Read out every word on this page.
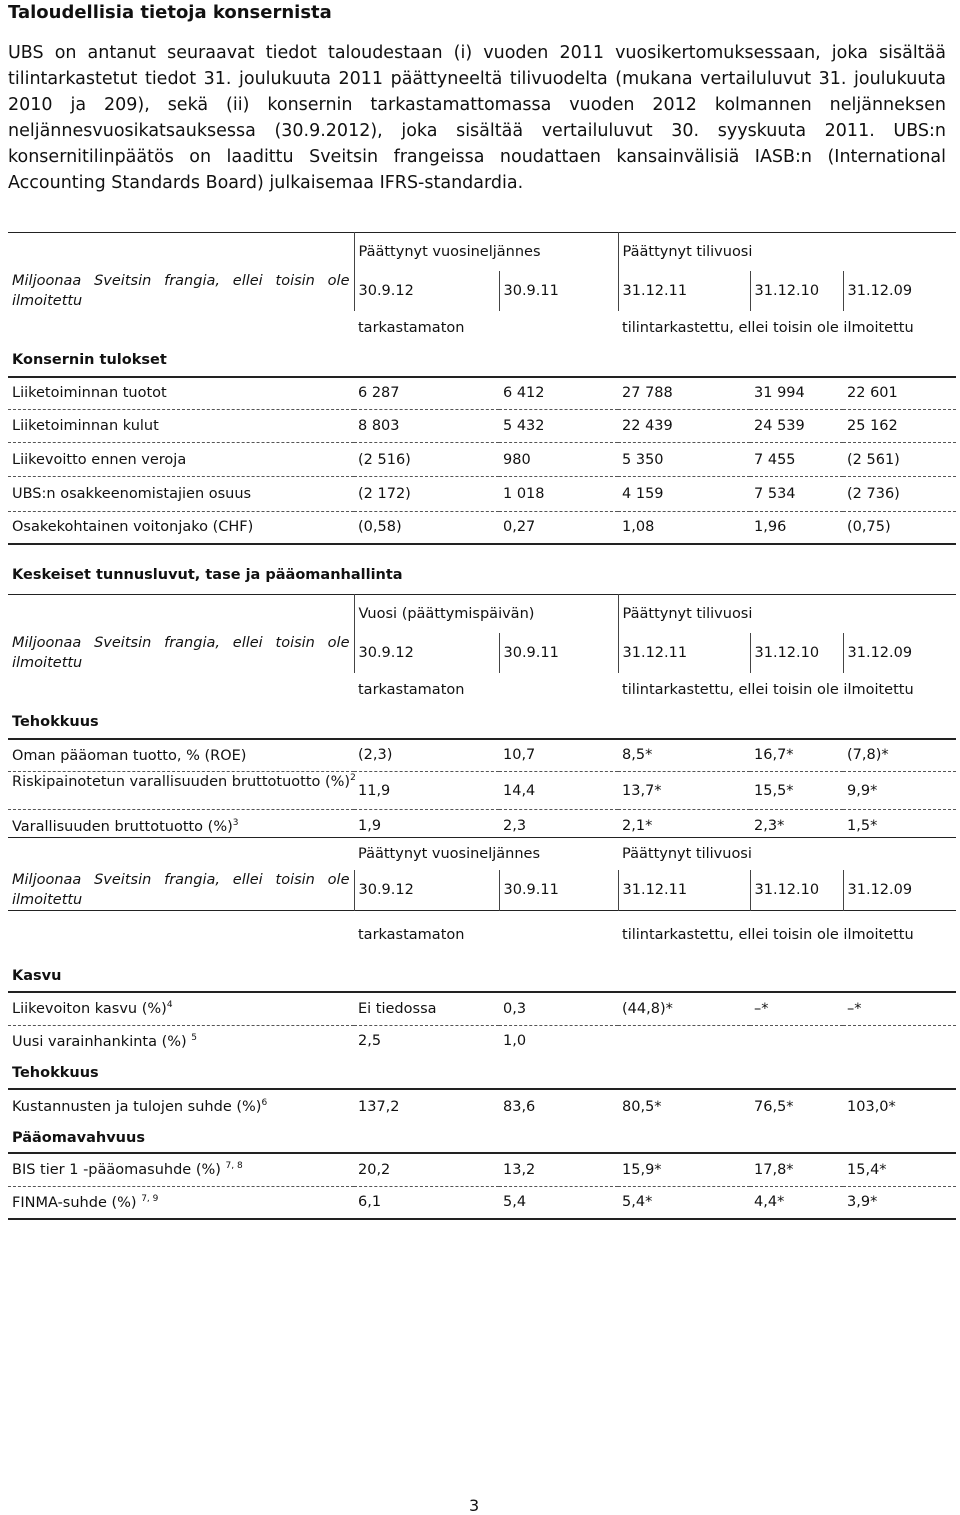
Taloudellisia tietoja konsernista
UBS on antanut seuraavat tiedot taloudestaan (i) vuoden 2011 vuosikertomuksessaan, joka sisältää tilintarkastetut tiedot 31. joulukuuta 2011 päättyneeltä tilivuodelta (mukana vertailuluvut 31. joulukuuta 2010 ja 209), sekä (ii) konsernin tarkastamattomassa vuoden 2012 kolmannen neljänneksen neljännesvuosikatsauksessa (30.9.2012), joka sisältää vertailuluvut 30. syyskuuta 2011. UBS:n konsernitilinpäätös on laadittu Sveitsin frangeissa noudattaen kansainvälisiä IASB:n (International Accounting Standards Board) julkaisemaa IFRS-standardia.
	Päättynyt vuosineljännes		Päättynyt tilivuosi		
Miljoonaa Sveitsin frangia, ellei toisin ole ilmoitettu	30.9.12	30.9.11	31.12.11	31.12.10	31.12.09
	tarkastamaton		tilintarkastettu, ellei toisin ole ilmoitettu		
Konsernin tulokset					
Liiketoiminnan tuotot	6 287	6 412	27 788	31 994	22 601
Liiketoiminnan kulut	8 803	5 432	22 439	24 539	25 162
Liikevoitto ennen veroja	(2 516)	980	5 350	7 455	(2 561)
UBS:n osakkeenomistajien osuus	(2 172)	1 018	4 159	7 534	(2 736)
Osakekohtainen voitonjako (CHF)	(0,58)	0,27	1,08	1,96	(0,75)
Keskeiset tunnusluvut, tase ja pääomanhallinta
	Vuosi (päättymispäivän)		Päättynyt tilivuosi		
Miljoonaa Sveitsin frangia, ellei toisin ole ilmoitettu	30.9.12	30.9.11	31.12.11	31.12.10	31.12.09
	tarkastamaton		tilintarkastettu, ellei toisin ole ilmoitettu		
Tehokkuus					
Oman pääoman tuotto, % (ROE)	(2,3)	10,7	8,5*	16,7*	(7,8)*
Riskipainotetun varallisuuden bruttotuotto (%)$^2$	11,9	14,4	13,7*	15,5*	9,9*
Varallisuuden bruttotuotto (%)$^3$	1,9	2,3	2,1*	2,3*	1,5*
	Päättynyt vuosineljännes		Päättynyt tilivuosi		
Miljoonaa Sveitsin frangia, ellei toisin ole ilmoitettu	30.9.12	30.9.11	31.12.11	31.12.10	31.12.09
	tarkastamaton		tilintarkastettu, ellei toisin ole ilmoitettu		
Kasvu					
Liikevoiton kasvu (%)$^4$	Ei tiedossa	0,3	(44,8)*	–*	–*
Uusi varainhankinta (%) $^5$	2,5	1,0			
Tehokkuus					
Kustannusten ja tulojen suhde (%)$^6$	137,2	83,6	80,5*	76,5*	103,0*
Pääomavahvuus					
BIS tier 1 -pääomasuhde (%) $^{7, 8}$	20,2	13,2	15,9*	17,8*	15,4*
FINMA-suhde (%) $^{7, 9}$	6,1	5,4	5,4*	4,4*	3,9*
3
